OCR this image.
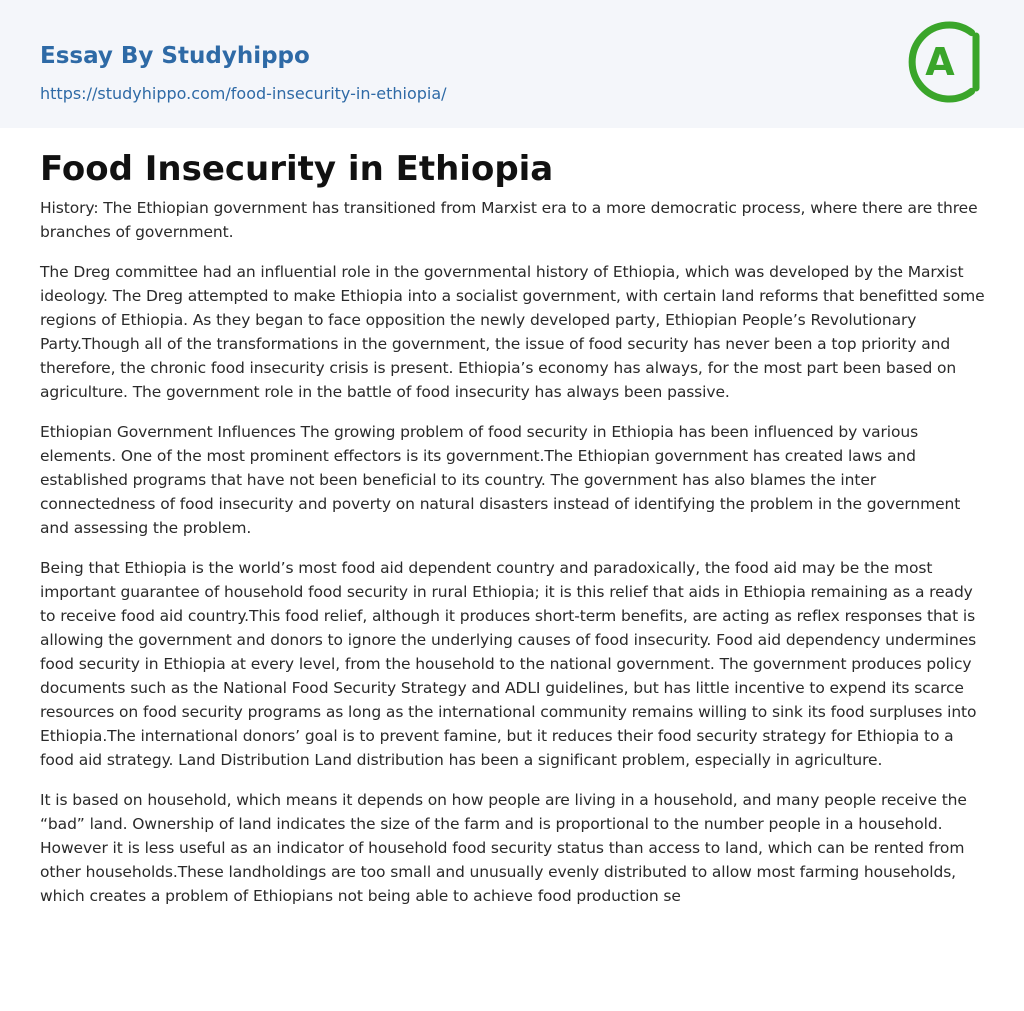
Essay By Studyhippo
https://studyhippo.com/food-insecurity-in-ethiopia/
A
Food Insecurity in Ethiopia

History: The Ethiopian government has transitioned from Marxist era to a more democratic process, where there are three branches of government.

The Dreg committee had an influential role in the governmental history of Ethiopia, which was developed by the Marxist ideology. The Dreg attempted to make Ethiopia into a socialist government, with certain land reforms that benefitted some regions of Ethiopia. As they began to face opposition the newly developed party, Ethiopian People’s Revolutionary Party.Though all of the transformations in the government, the issue of food security has never been a top priority and therefore, the chronic food insecurity crisis is present. Ethiopia’s economy has always, for the most part been based on agriculture. The government role in the battle of food insecurity has always been passive.

Ethiopian Government Influences The growing problem of food security in Ethiopia has been influenced by various elements. One of the most prominent effectors is its government.The Ethiopian government has created laws and established programs that have not been beneficial to its country. The government has also blames the inter connectedness of food insecurity and poverty on natural disasters instead of identifying the problem in the government and assessing the problem.

Being that Ethiopia is the world’s most food aid dependent country and paradoxically, the food aid may be the most important guarantee of household food security in rural Ethiopia; it is this relief that aids in Ethiopia remaining as a ready to receive food aid country.This food relief, although it produces short-term benefits, are acting as reflex responses that is allowing the government and donors to ignore the underlying causes of food insecurity. Food aid dependency undermines food security in Ethiopia at every level, from the household to the national government. The government produces policy documents such as the National Food Security Strategy and ADLI guidelines, but has little incentive to expend its scarce resources on food security programs as long as the international community remains willing to sink its food surpluses into Ethiopia.The international donors’ goal is to prevent famine, but it reduces their food security strategy for Ethiopia to a food aid strategy. Land Distribution Land distribution has been a significant problem, especially in agriculture.

It is based on household, which means it depends on how people are living in a household, and many people receive the “bad” land. Ownership of land indicates the size of the farm and is proportional to the number people in a household. However it is less useful as an indicator of household food security status than access to land, which can be rented from other households.These landholdings are too small and unusually evenly distributed to allow most farming households, which creates a problem of Ethiopians not being able to achieve food production se
